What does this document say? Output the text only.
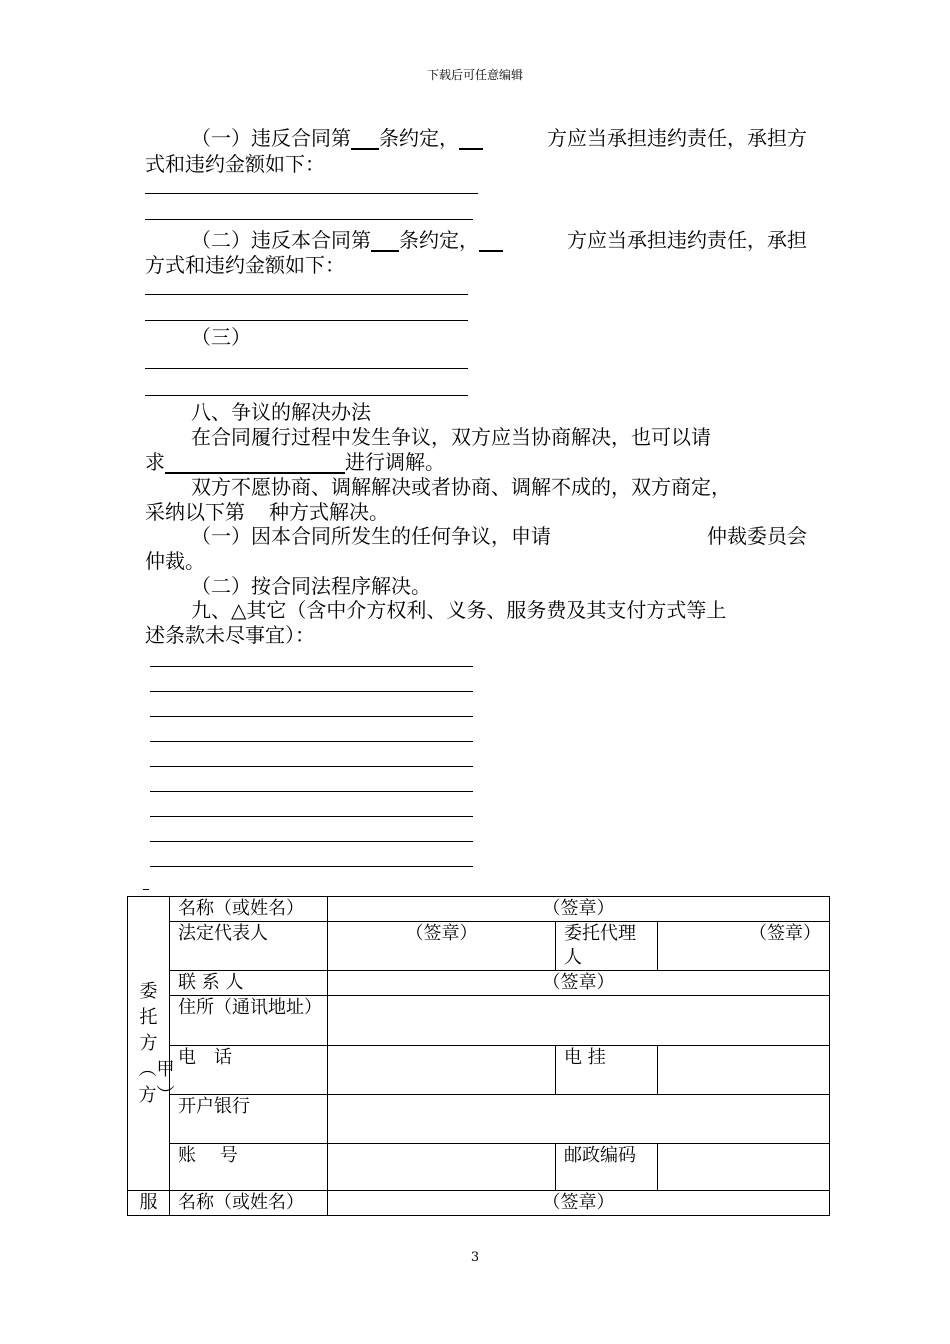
下载后可任意编辑
（一）违反合同第 条约定，	方应当承担违约责任，承担方
式和违约金额如下：
（二）违反本合同第 条约定，	方应当承担违约责任，承担
方式和违约金额如下：
（三）
八、争议的解决办法
在合同履行过程中发生争议，双方应当协商解决，也可以请
求	进行调解。
双方不愿协商、调解解决或者协商、调解不成的，双方商定，
采纳以下第 种方式解决。
（一）因本合同所发生的任何争议，申请	仲裁委员会
仲裁。
（二）按合同法程序解决。
九、△其它（含中介方权利、义务、服务费及其支付方式等上
述条款未尽事宜）：
委托方︵甲方︶	名称（或姓名）	（签章）		
	法定代表人	（签章）	委托代理人	（签章）
	联 系 人	（签章）		
	住所（通讯地址）			
	电　话		电 挂	
	开户银行			
	账　 号		邮政编码	
服	名称（或姓名）	（签章）		
3
